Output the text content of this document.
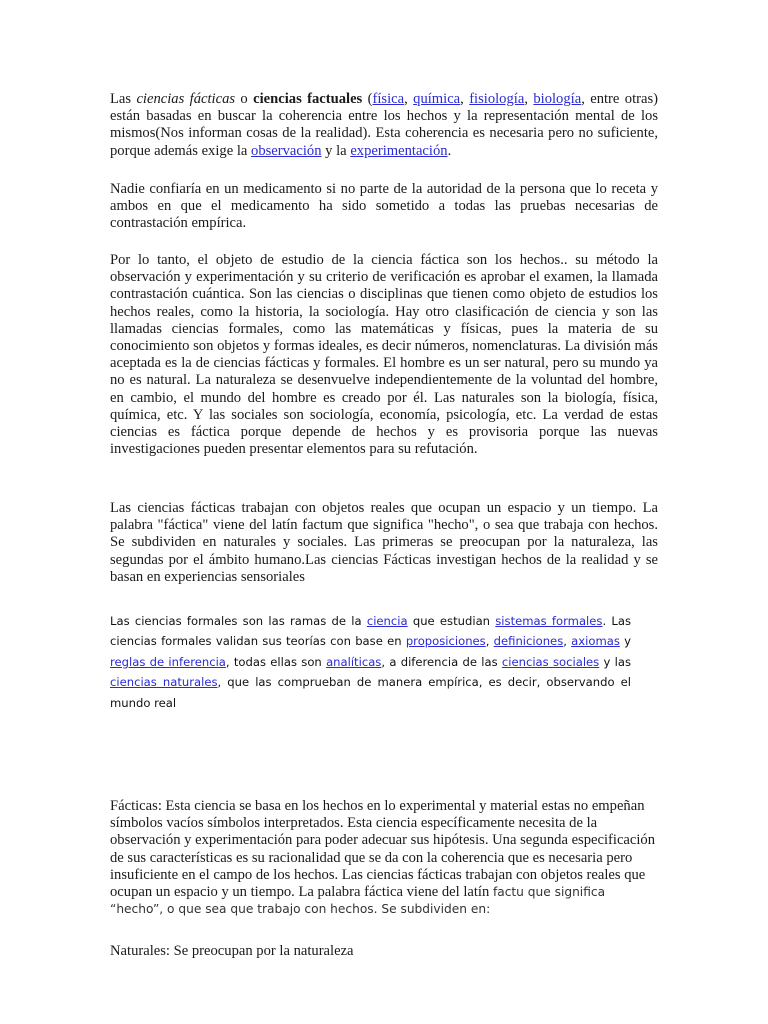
Las ciencias fácticas o ciencias factuales (física, química, fisiología, biología, entre otras) están basadas en buscar la coherencia entre los hechos y la representación mental de los mismos(Nos informan cosas de la realidad). Esta coherencia es necesaria pero no suficiente, porque además exige la observación y la experimentación.

Nadie confiaría en un medicamento si no parte de la autoridad de la persona que lo receta y ambos en que el medicamento ha sido sometido a todas las pruebas necesarias de contrastación empírica.

Por lo tanto, el objeto de estudio de la ciencia fáctica son los hechos.. su método la observación y experimentación y su criterio de verificación es aprobar el examen, la llamada contrastación cuántica. Son las ciencias o disciplinas que tienen como objeto de estudios los hechos reales, como la historia, la sociología. Hay otro clasificación de ciencia y son las llamadas ciencias formales, como las matemáticas y físicas, pues la materia de su conocimiento son objetos y formas ideales, es decir números, nomenclaturas. La división más aceptada es la de ciencias fácticas y formales. El hombre es un ser natural, pero su mundo ya no es natural. La naturaleza se desenvuelve independientemente de la voluntad del hombre, en cambio, el mundo del hombre es creado por él. Las naturales son la biología, física, química, etc. Y las sociales son sociología, economía, psicología, etc. La verdad de estas ciencias es fáctica porque depende de hechos y es provisoria porque las nuevas investigaciones pueden presentar elementos para su refutación.

Las ciencias fácticas trabajan con objetos reales que ocupan un espacio y un tiempo. La palabra "fáctica" viene del latín factum que significa "hecho", o sea que trabaja con hechos. Se subdividen en naturales y sociales. Las primeras se preocupan por la naturaleza, las segundas por el ámbito humano.Las ciencias Fácticas investigan hechos de la realidad y se basan en experiencias sensoriales

Las ciencias formales son las ramas de la ciencia que estudian sistemas formales. Las ciencias formales validan sus teorías con base en proposiciones, definiciones, axiomas y reglas de inferencia, todas ellas son analíticas, a diferencia de las ciencias sociales y las ciencias naturales, que las comprueban de manera empírica, es decir, observando el mundo real

Fácticas: Esta ciencia se basa en los hechos en lo experimental y material estas no empeñan símbolos vacíos símbolos interpretados. Esta ciencia específicamente necesita de la observación y experimentación para poder adecuar sus hipótesis. Una segunda especificación de sus características es su racionalidad que se da con la coherencia que es necesaria pero insuficiente en el campo de los hechos. Las ciencias fácticas trabajan con objetos reales que ocupan un espacio y un tiempo. La palabra fáctica viene del latín factu que significa “hecho”, o que sea que trabajo con hechos. Se subdividen en:

Naturales: Se preocupan por la naturaleza
